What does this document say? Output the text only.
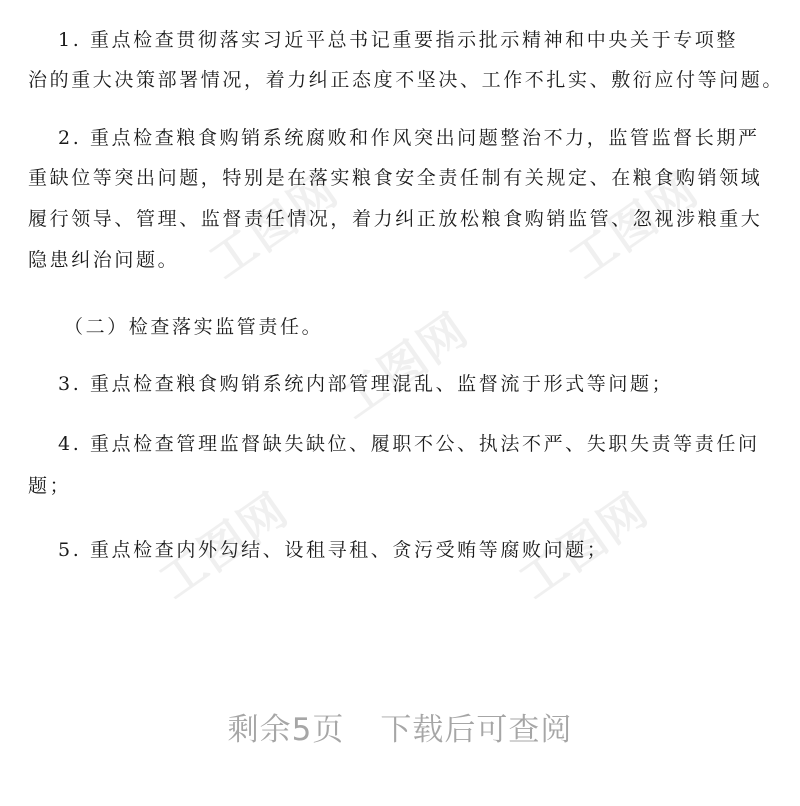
工图网	工图网
工图网
工图网	工图网
1. 重点检查贯彻落实习近平总书记重要指示批示精神和中央关于专项整
治的重大决策部署情况，着力纠正态度不坚决、工作不扎实、敷衍应付等问题。
2. 重点检查粮食购销系统腐败和作风突出问题整治不力，监管监督长期严
重缺位等突出问题，特别是在落实粮食安全责任制有关规定、在粮食购销领域
履行领导、管理、监督责任情况，着力纠正放松粮食购销监管、忽视涉粮重大
隐患纠治问题。
（二）检查落实监管责任。
3. 重点检查粮食购销系统内部管理混乱、监督流于形式等问题；
4. 重点检查管理监督缺失缺位、履职不公、执法不严、失职失责等责任问
题；
5. 重点检查内外勾结、设租寻租、贪污受贿等腐败问题；
剩余5页 下载后可查阅
